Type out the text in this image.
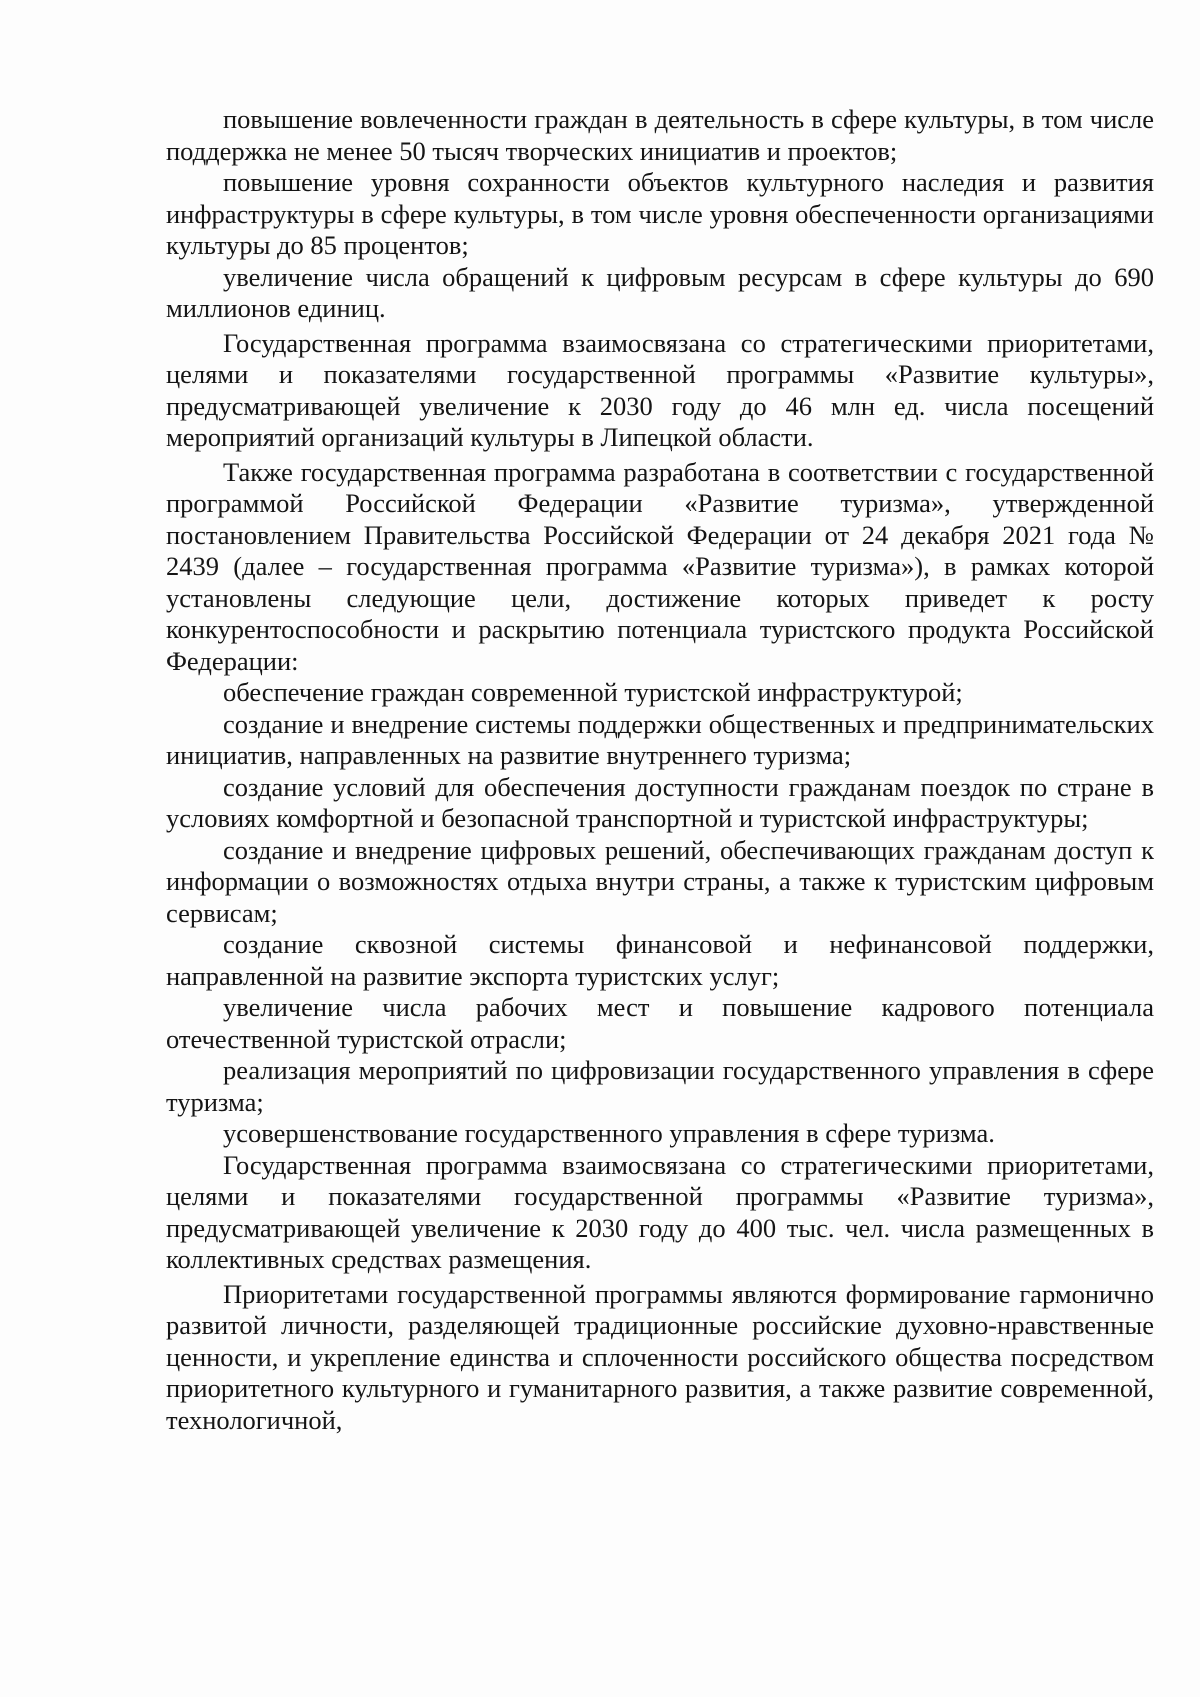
повышение вовлеченности граждан в деятельность в сфере культуры, в том числе поддержка не менее 50 тысяч творческих инициатив и проектов;

повышение уровня сохранности объектов культурного наследия и развития инфраструктуры в сфере культуры, в том числе уровня обеспеченности организациями культуры до 85 процентов;

увеличение числа обращений к цифровым ресурсам в сфере культуры до 690 миллионов единиц.

Государственная программа взаимосвязана со стратегическими приоритетами, целями и показателями государственной программы «Развитие культуры», предусматривающей увеличение к 2030 году до 46 млн ед. числа посещений мероприятий организаций культуры в Липецкой области.

Также государственная программа разработана в соответствии с государственной программой Российской Федерации «Развитие туризма», утвержденной постановлением Правительства Российской Федерации от 24 декабря 2021 года № 2439 (далее – государственная программа «Развитие туризма»), в рамках которой установлены следующие цели, достижение которых приведет к росту конкурентоспособности и раскрытию потенциала туристского продукта Российской Федерации:

обеспечение граждан современной туристской инфраструктурой;

создание и внедрение системы поддержки общественных и предпринимательских инициатив, направленных на развитие внутреннего туризма;

создание условий для обеспечения доступности гражданам поездок по стране в условиях комфортной и безопасной транспортной и туристской инфраструктуры;

создание и внедрение цифровых решений, обеспечивающих гражданам доступ к информации о возможностях отдыха внутри страны, а также к туристским цифровым сервисам;

создание сквозной системы финансовой и нефинансовой поддержки, направленной на развитие экспорта туристских услуг;

увеличение числа рабочих мест и повышение кадрового потенциала отечественной туристской отрасли;

реализация мероприятий по цифровизации государственного управления в сфере туризма;

усовершенствование государственного управления в сфере туризма.

Государственная программа взаимосвязана со стратегическими приоритетами, целями и показателями государственной программы «Развитие туризма», предусматривающей увеличение к 2030 году до 400 тыс. чел. числа размещенных в коллективных средствах размещения.

Приоритетами государственной программы являются формирование гармонично развитой личности, разделяющей традиционные российские духовно-нравственные ценности, и укрепление единства и сплоченности российского общества посредством приоритетного культурного и гуманитарного развития, а также развитие современной, технологичной,
